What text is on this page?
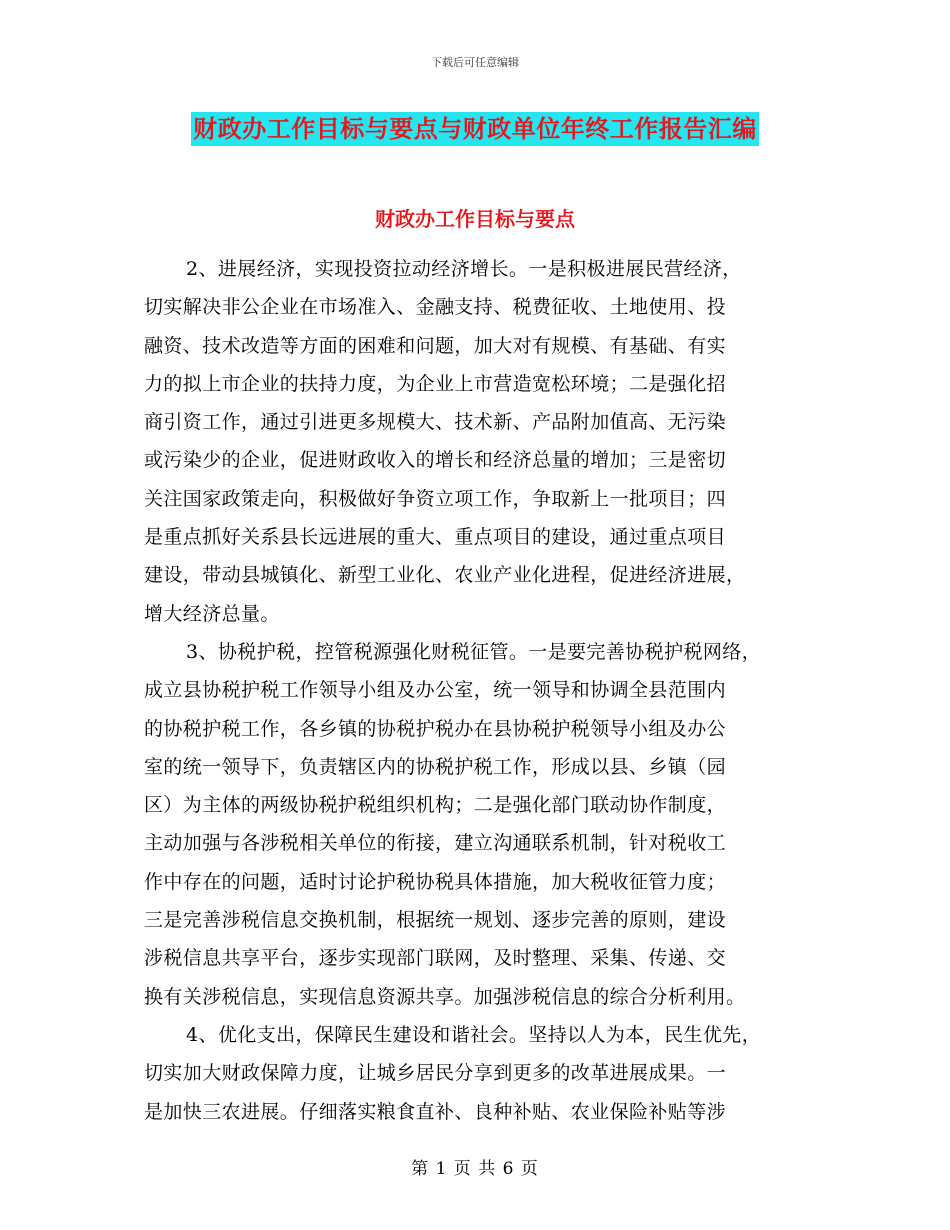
下载后可任意编辑
财政办工作目标与要点与财政单位年终工作报告汇编
财政办工作目标与要点
2、进展经济，实现投资拉动经济增长。一是积极进展民营经济，
切实解决非公企业在市场准入、金融支持、税费征收、土地使用、投
融资、技术改造等方面的困难和问题，加大对有规模、有基础、有实
力的拟上市企业的扶持力度，为企业上市营造宽松环境；二是强化招
商引资工作，通过引进更多规模大、技术新、产品附加值高、无污染
或污染少的企业，促进财政收入的增长和经济总量的增加；三是密切
关注国家政策走向，积极做好争资立项工作，争取新上一批项目；四
是重点抓好关系县长远进展的重大、重点项目的建设，通过重点项目
建设，带动县城镇化、新型工业化、农业产业化进程，促进经济进展，
增大经济总量。
3、协税护税，控管税源强化财税征管。一是要完善协税护税网络，
成立县协税护税工作领导小组及办公室，统一领导和协调全县范围内
的协税护税工作，各乡镇的协税护税办在县协税护税领导小组及办公
室的统一领导下，负责辖区内的协税护税工作，形成以县、乡镇（园
区）为主体的两级协税护税组织机构；二是强化部门联动协作制度，
主动加强与各涉税相关单位的衔接，建立沟通联系机制，针对税收工
作中存在的问题，适时讨论护税协税具体措施，加大税收征管力度；
三是完善涉税信息交换机制，根据统一规划、逐步完善的原则，建设
涉税信息共享平台，逐步实现部门联网，及时整理、采集、传递、交
换有关涉税信息，实现信息资源共享。加强涉税信息的综合分析利用。
4、优化支出，保障民生建设和谐社会。坚持以人为本，民生优先，
切实加大财政保障力度，让城乡居民分享到更多的改革进展成果。一
是加快三农进展。仔细落实粮食直补、良种补贴、农业保险补贴等涉
第 1 页 共 6 页
